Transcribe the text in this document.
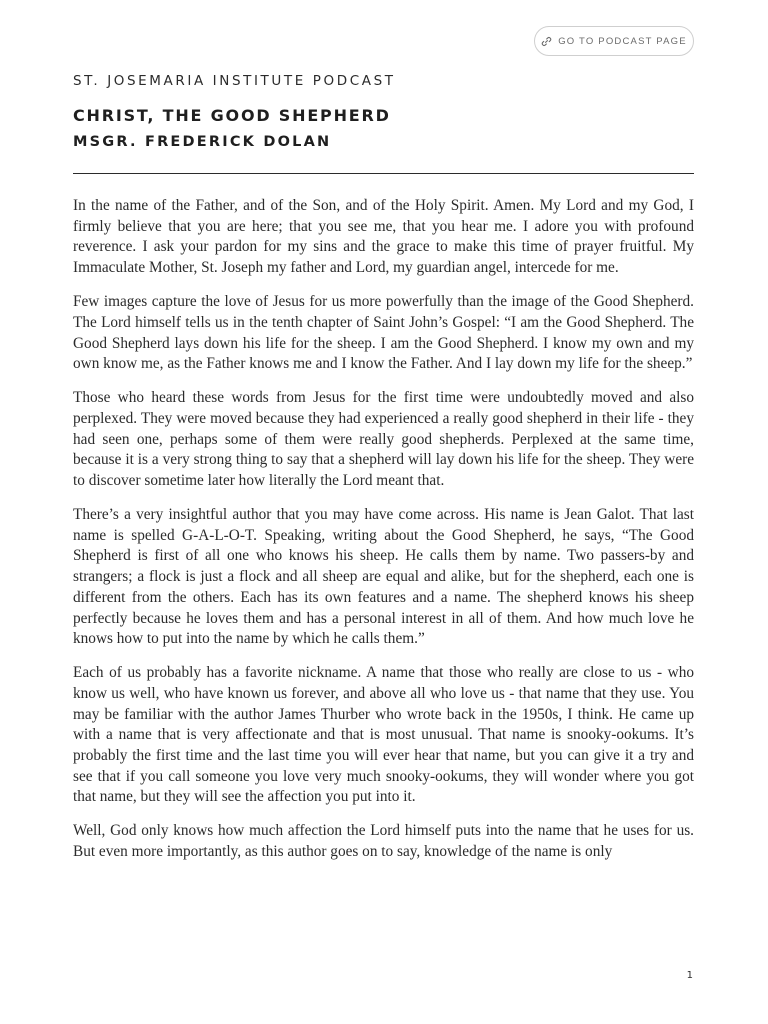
GO TO PODCAST PAGE
ST. JOSEMARIA INSTITUTE PODCAST
CHRIST, THE GOOD SHEPHERD
MSGR. FREDERICK DOLAN

In the name of the Father, and of the Son, and of the Holy Spirit. Amen. My Lord and my God, I firmly believe that you are here; that you see me, that you hear me. I adore you with profound reverence. I ask your pardon for my sins and the grace to make this time of prayer fruitful. My Immaculate Mother, St. Joseph my father and Lord, my guardian angel, intercede for me.

Few images capture the love of Jesus for us more powerfully than the image of the Good Shepherd. The Lord himself tells us in the tenth chapter of Saint John’s Gospel: “I am the Good Shepherd. The Good Shepherd lays down his life for the sheep. I am the Good Shepherd. I know my own and my own know me, as the Father knows me and I know the Father. And I lay down my life for the sheep.”

Those who heard these words from Jesus for the first time were undoubtedly moved and also perplexed. They were moved because they had experienced a really good shepherd in their life - they had seen one, perhaps some of them were really good shepherds. Perplexed at the same time, because it is a very strong thing to say that a shepherd will lay down his life for the sheep. They were to discover sometime later how literally the Lord meant that.

There’s a very insightful author that you may have come across. His name is Jean Galot. That last name is spelled G-A-L-O-T. Speaking, writing about the Good Shepherd, he says, “The Good Shepherd is first of all one who knows his sheep. He calls them by name. Two passers-by and strangers; a flock is just a flock and all sheep are equal and alike, but for the shepherd, each one is different from the others. Each has its own features and a name. The shepherd knows his sheep perfectly because he loves them and has a personal interest in all of them. And how much love he knows how to put into the name by which he calls them.”

Each of us probably has a favorite nickname. A name that those who really are close to us - who know us well, who have known us forever, and above all who love us - that name that they use. You may be familiar with the author James Thurber who wrote back in the 1950s, I think. He came up with a name that is very affectionate and that is most unusual. That name is snooky-ookums. It’s probably the first time and the last time you will ever hear that name, but you can give it a try and see that if you call someone you love very much snooky-ookums, they will wonder where you got that name, but they will see the affection you put into it.

Well, God only knows how much affection the Lord himself puts into the name that he uses for us. But even more importantly, as this author goes on to say, knowledge of the name is only

1
